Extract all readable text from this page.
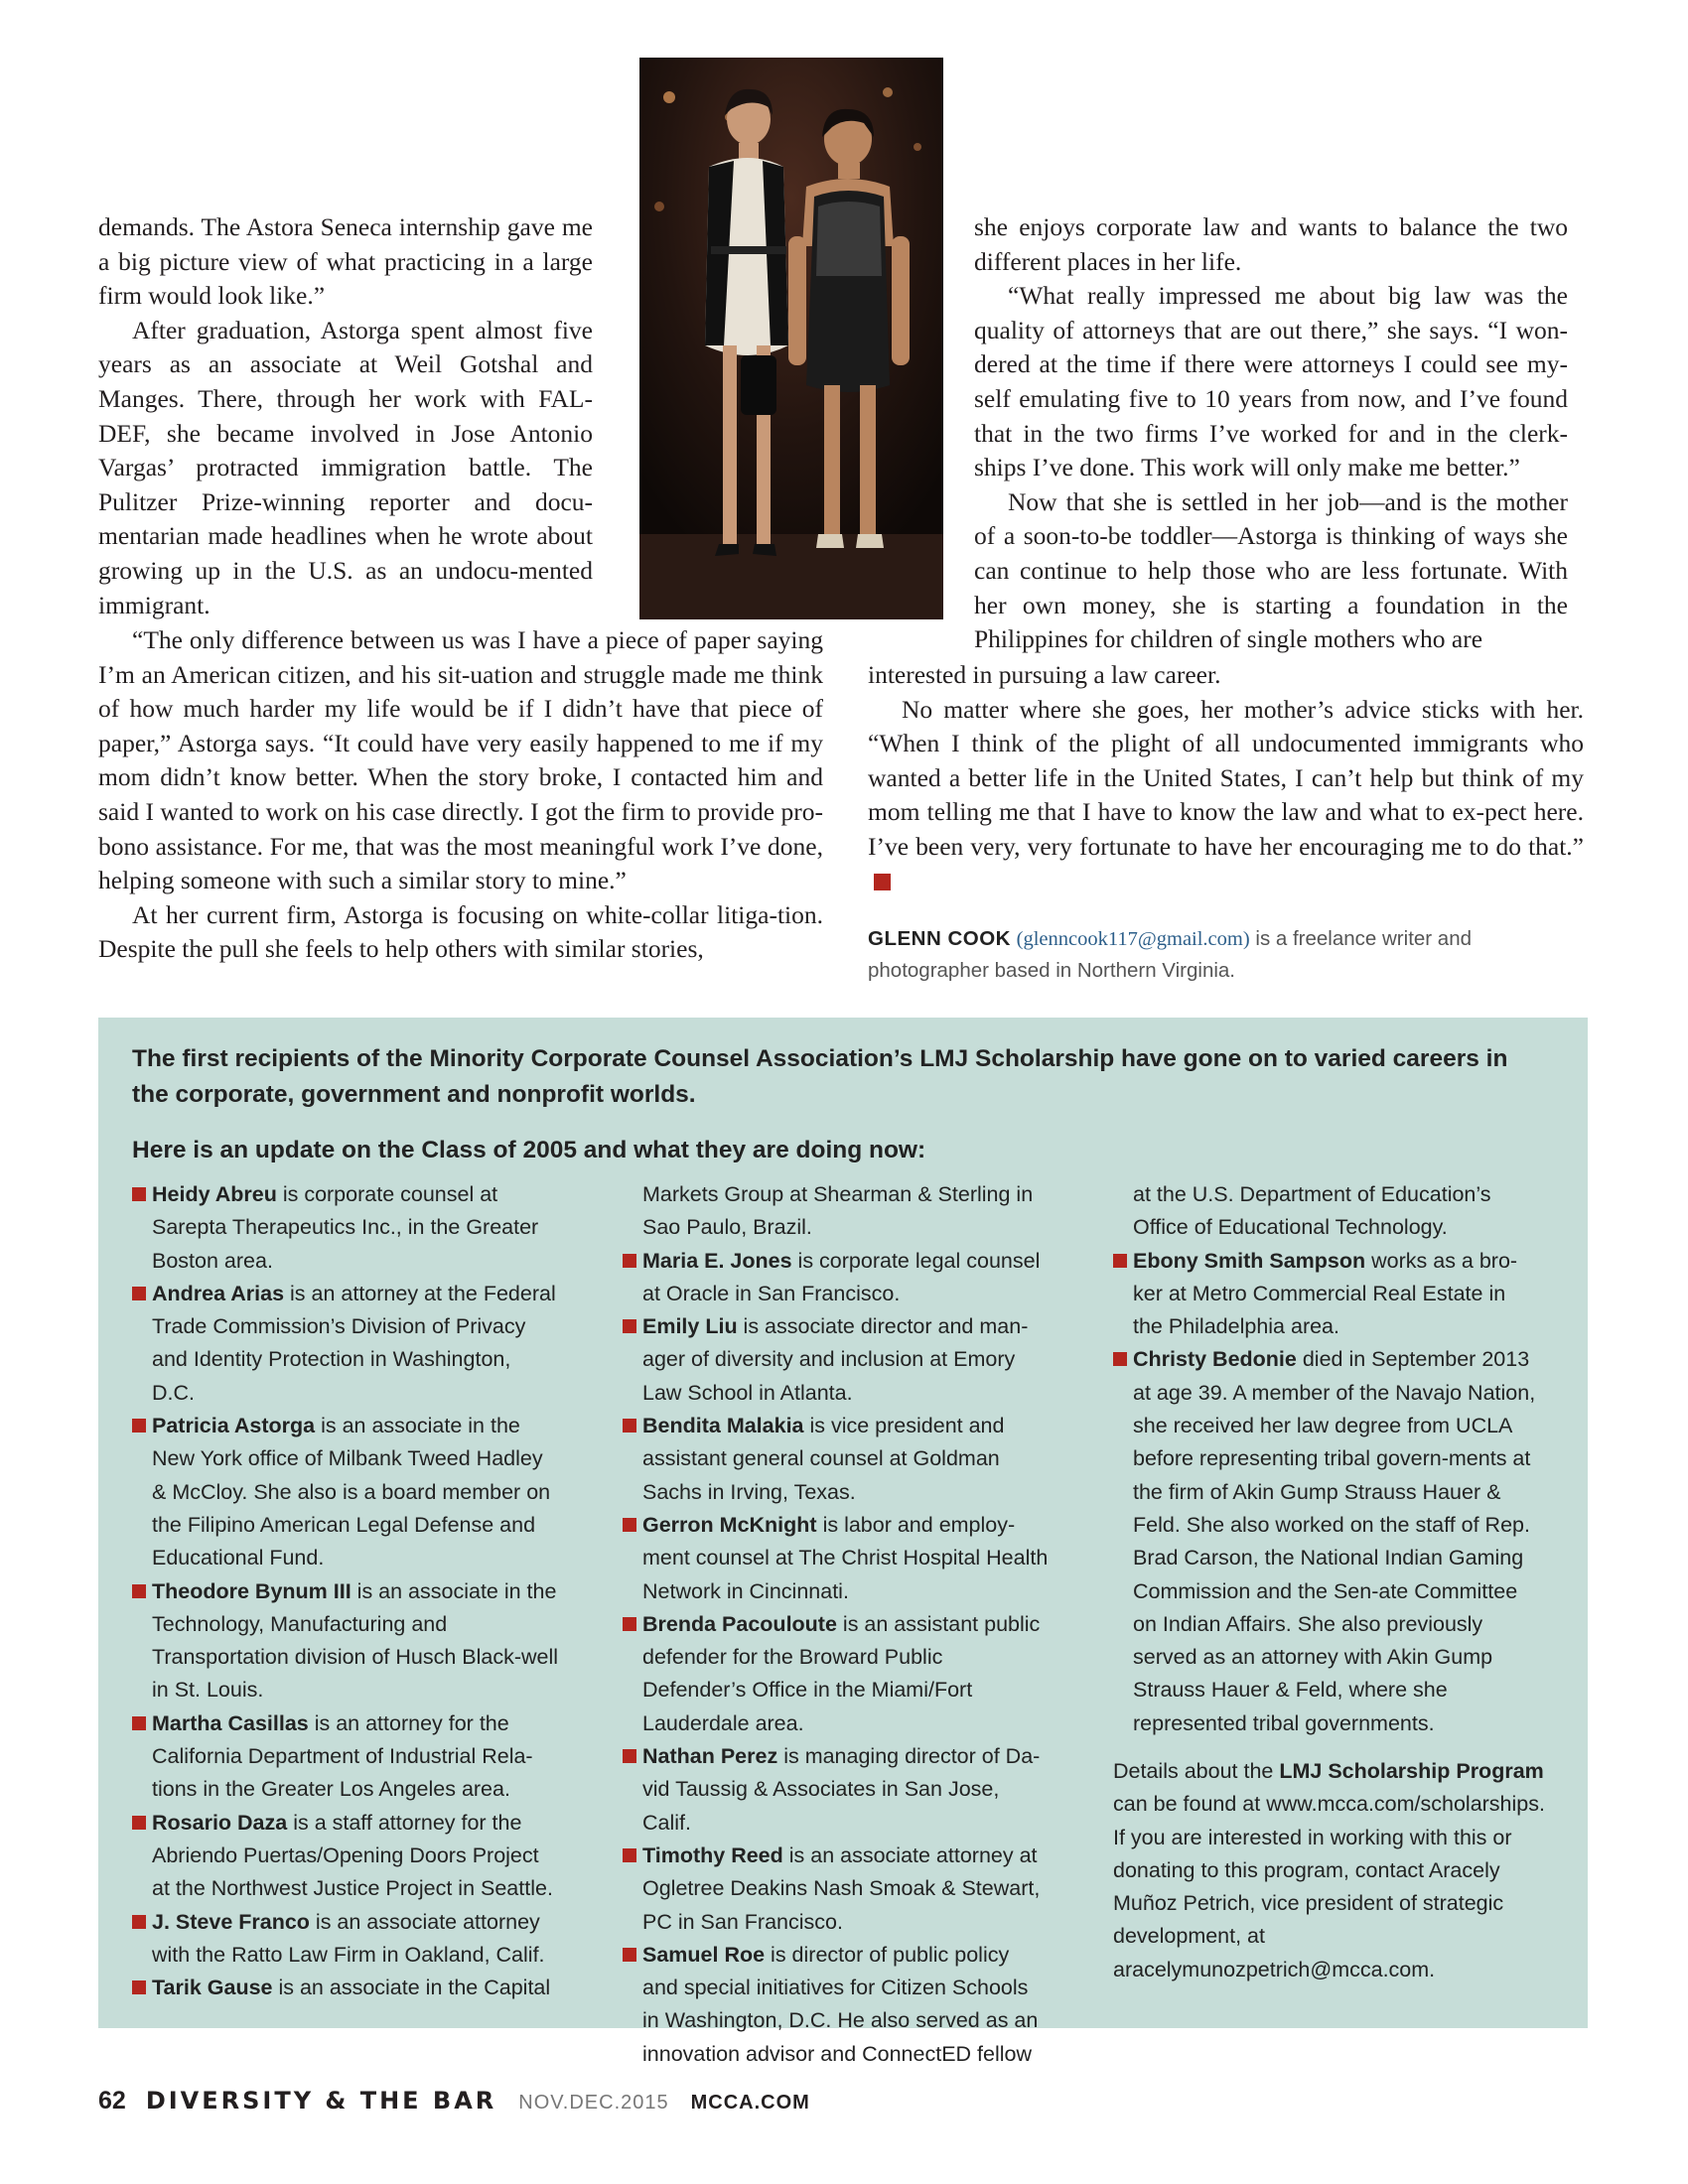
demands. The Astora Seneca internship gave me a big picture view of what practicing in a large firm would look like.”

After graduation, Astorga spent almost five years as an associate at Weil Gotshal and Manges. There, through her work with FAL-DEF, she became involved in Jose Antonio Vargas’ protracted immigration battle. The Pulitzer Prize-winning reporter and docu-mentarian made headlines when he wrote about growing up in the U.S. as an undocu-mented immigrant.

“The only difference between us was I have a piece of paper saying I’m an American citizen, and his sit-uation and struggle made me think of how much harder my life would be if I didn’t have that piece of paper,” Astorga says. “It could have very easily happened to me if my mom didn’t know better. When the story broke, I contacted him and said I wanted to work on his case directly. I got the firm to provide pro-bono assistance. For me, that was the most meaningful work I’ve done, helping someone with such a similar story to mine.”

At her current firm, Astorga is focusing on white-collar litiga-tion. Despite the pull she feels to help others with similar stories,

she enjoys corporate law and wants to balance the two different places in her life.

“What really impressed me about big law was the quality of attorneys that are out there,” she says. “I won-dered at the time if there were attorneys I could see my-self emulating five to 10 years from now, and I’ve found that in the two firms I’ve worked for and in the clerk-ships I’ve done. This work will only make me better.”

Now that she is settled in her job—and is the mother of a soon-to-be toddler—Astorga is thinking of ways she can continue to help those who are less fortunate. With her own money, she is starting a foundation in the Philippines for children of single mothers who are

interested in pursuing a law career.

No matter where she goes, her mother’s advice sticks with her. “When I think of the plight of all undocumented immigrants who wanted a better life in the United States, I can’t help but think of my mom telling me that I have to know the law and what to ex-pect here. I’ve been very, very fortunate to have her encouraging me to do that.”

GLENN COOK (glenncook117@gmail.com) is a freelance writer and photographer based in Northern Virginia.

The first recipients of the Minority Corporate Counsel Association’s LMJ Scholarship have gone on to varied careers in the corporate, government and nonprofit worlds.

Here is an update on the Class of 2005 and what they are doing now:

Heidy Abreu is corporate counsel at Sarepta Therapeutics Inc., in the Greater Boston area.
Andrea Arias is an attorney at the Federal Trade Commission’s Division of Privacy and Identity Protection in Washington, D.C.
Patricia Astorga is an associate in the New York office of Milbank Tweed Hadley & McCloy. She also is a board member on the Filipino American Legal Defense and Educational Fund.
Theodore Bynum III is an associate in the Technology, Manufacturing and Transportation division of Husch Black-well in St. Louis.
Martha Casillas is an attorney for the California Department of Industrial Rela-tions in the Greater Los Angeles area.
Rosario Daza is a staff attorney for the Abriendo Puertas/Opening Doors Project at the Northwest Justice Project in Seattle.
J. Steve Franco is an associate attorney with the Ratto Law Firm in Oakland, Calif.
Tarik Gause is an associate in the Capital
Markets Group at Shearman & Sterling in Sao Paulo, Brazil.
Maria E. Jones is corporate legal counsel at Oracle in San Francisco.
Emily Liu is associate director and man-ager of diversity and inclusion at Emory Law School in Atlanta.
Bendita Malakia is vice president and assistant general counsel at Goldman Sachs in Irving, Texas.
Gerron McKnight is labor and employ-ment counsel at The Christ Hospital Health Network in Cincinnati.
Brenda Pacouloute is an assistant public defender for the Broward Public Defender’s Office in the Miami/Fort Lauderdale area.
Nathan Perez is managing director of Da-vid Taussig & Associates in San Jose, Calif.
Timothy Reed is an associate attorney at Ogletree Deakins Nash Smoak & Stewart, PC in San Francisco.
Samuel Roe is director of public policy and special initiatives for Citizen Schools in Washington, D.C. He also served as an innovation advisor and ConnectED fellow
at the U.S. Department of Education’s Office of Educational Technology.
Ebony Smith Sampson works as a bro-ker at Metro Commercial Real Estate in the Philadelphia area.
Christy Bedonie died in September 2013 at age 39. A member of the Navajo Nation, she received her law degree from UCLA before representing tribal govern-ments at the firm of Akin Gump Strauss Hauer & Feld. She also worked on the staff of Rep. Brad Carson, the National Indian Gaming Commission and the Sen-ate Committee on Indian Affairs. She also previously served as an attorney with Akin Gump Strauss Hauer & Feld, where she represented tribal governments.

Details about the LMJ Scholarship Program can be found at www.mcca.com/scholarships. If you are interested in working with this or donating to this program, contact Aracely Muñoz Petrich, vice president of strategic development, at aracelymunozpetrich@mcca.com.

62 DIVERSITY & THE BAR NOV.DEC.2015 MCCA.COM
